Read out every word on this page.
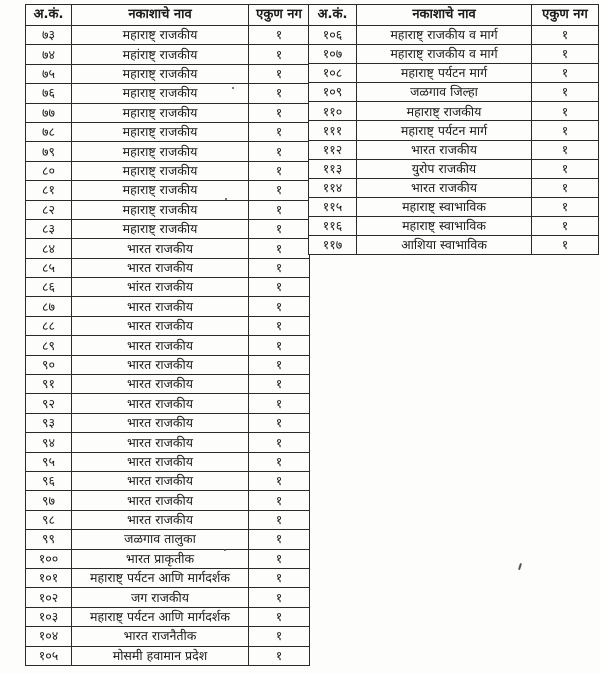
अ.कं.	नकाशाचे नाव	एकुण नग
७३	महाराष्ट् राजकीय	१
७४	महांराष्ट् राजकीय	१
७५	महाराष्ट् राजकीय	१
७६	महाराष्ट् राजकीय	१
७७	महाराष्ट् राजकीय	१
७८	महाराष्ट् राजकीय	१
७९	महाराष्ट् राजकीय	१
८०	महाराष्ट् राजकीय	१
८१	महाराष्ट् राजकीय	१
८२	महाराष्ट् राजकीय	१
८३	महाराष्ट् राजकीय	१
८४	भारत राजकीय	१
८५	भारत राजकीय	१
८६	भांरत राजकीय	१
८७	भारत राजकीय	१
८८	भारत राजकीय	१
८९	भारत राजकीय	१
९०	भारत राजकीय	१
९१	भारत राजकीय	१
९२	भारत राजकीय	१
९३	भारत राजकीय	१
९४	भारत राजकीय	१
९५	भारत राजकीय	१
९६	भारत राजकीय	१
९७	भारत राजकीय	१
९८	भारत राजकीय	१
९९	जळगाव तालुका	१
१००	भारत प्राकृतीक	१
१०१	महाराष्ट् पर्यटन आणि मार्गदर्शक	१
१०२	जग राजकीय	१
१०३	महाराष्ट् पर्यटन आणि मार्गदर्शक	१
१०४	भारत राजनैतीक	१
१०५	मोसमी हवामान प्रदेश	१
अ.कं.	नकाशाचे नाव	एकुण नग
१०६	महाराष्ट् राजकीय व मार्ग	१
१०७	महाराष्ट् राजकीय व मार्ग	१
१०८	महाराष्ट् पर्यटन मार्ग	१
१०९	जळगाव जिल्हा	१
११०	महाराष्ट् राजकीय	१
१११	महाराष्ट् पर्यटन मार्ग	१
११२	भारत राजकीय	१
११३	युरोप राजकीय	१
११४	भारत राजकीय	१
११५	महाराष्ट् स्वाभाविक	१
११६	महाराष्ट् स्वाभाविक	१
११७	आशिया स्वाभाविक	१
